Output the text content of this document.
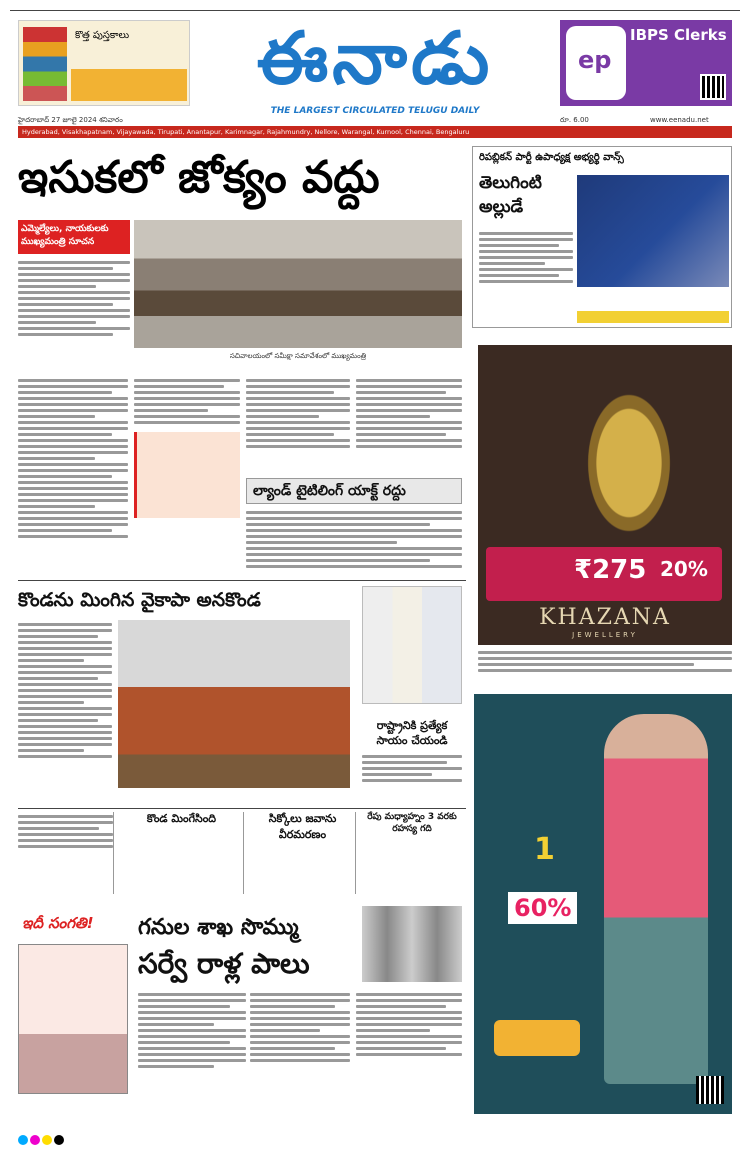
కొత్త పుస్తకాలు	ఈనాడు
THE LARGEST CIRCULATED TELUGU DAILY
ep
IBPS Clerks
హైదరాబాద్ 27 జూలై 2024 శనివారం	రూ. 6.00	www.eenadu.net
Hyderabad, Visakhapatnam, Vijayawada, Tirupati, Anantapur, Karimnagar, Rajahmundry, Nellore, Warangal, Kurnool, Chennai, Bengaluru
ఇసుకలో జోక్యం వద్దు	రిపబ్లికన్ పార్టీ ఉపాధ్యక్ష అభ్యర్థి వాన్స్
తెలుగింటి అల్లుడే
ఎమ్మెల్యేలు, నాయకులకు ముఖ్యమంత్రి సూచన
సచివాలయంలో సమీక్షా సమావేశంలో ముఖ్యమంత్రి
ల్యాండ్ టైటిలింగ్ యాక్ట్ రద్దు
₹275 20%
KHAZANA
JEWELLERY
కొండను మింగిన వైకాపా అనకొండ
రాష్ట్రానికి ప్రత్యేక సాయం చేయండి
కొండ మింగేసింది	సిక్కోలు జవాను వీరమరణం
రేపు మధ్యాహ్నం 3 వరకు రహస్య గది
1
60%
ఇదీ సంగతి! గనుల శాఖ సొమ్ము
సర్వే రాళ్ల పాలు
